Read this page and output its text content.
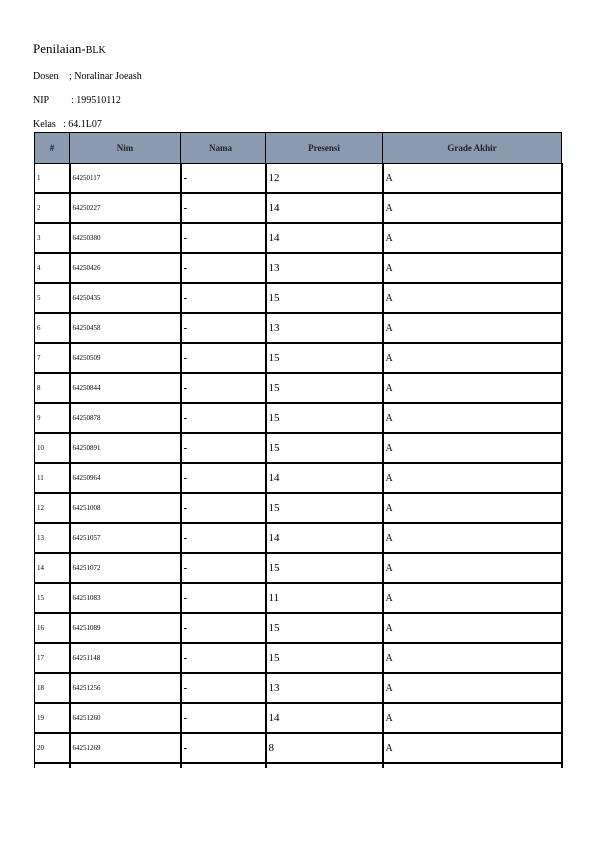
Penilaian-BLK
Dosen ; Noralinar Joeash
NIP : 199510112
Kelas : 64.1L07
#	Nim	Nama	Presensi	Grade Akhir
1	64250117	-	12	A
2	64250227	-	14	A
3	64250380	-	14	A
4	64250426	-	13	A
5	64250435	-	15	A
6	64250458	-	13	A
7	64250509	-	15	A
8	64250844	-	15	A
9	64250878	-	15	A
10	64250891	-	15	A
11	64250964	-	14	A
12	64251008	-	15	A
13	64251057	-	14	A
14	64251072	-	15	A
15	64251083	-	11	A
16	64251089	-	15	A
17	64251148	-	15	A
18	64251256	-	13	A
19	64251260	-	14	A
20	64251269	-	8	A
